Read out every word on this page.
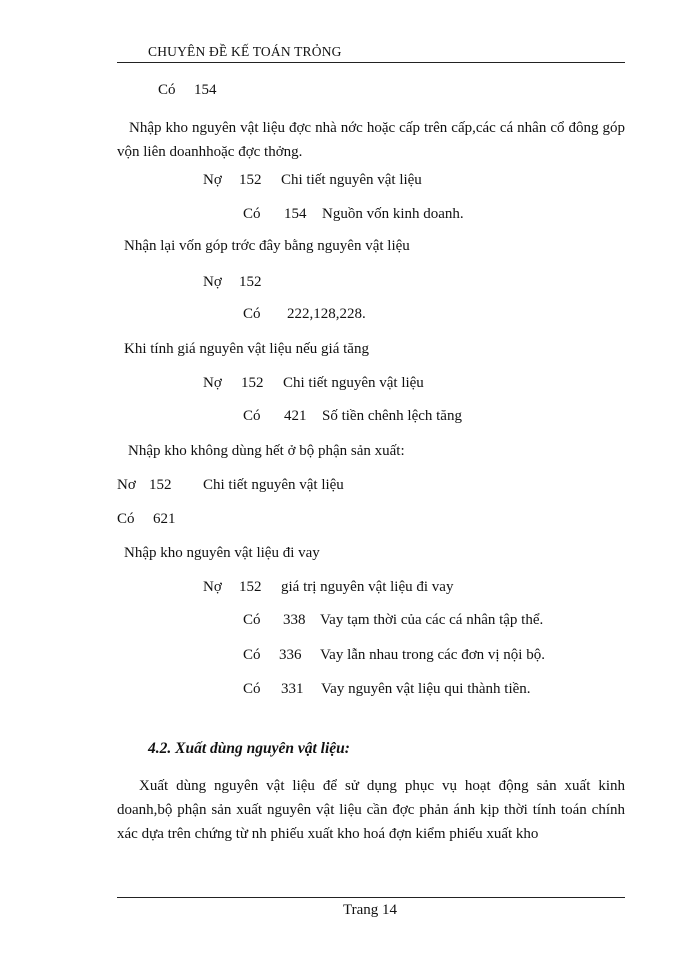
CHUYÊN ĐỀ KẾ TOÁN TRỎNG
Có 154
Nhập kho nguyên vật liệu đợc nhà nớc hoặc cấp trên cấp,các cá nhân cổ đông góp vộn liên doanhhoặc đợc thởng.
Nợ 152 Chi tiết nguyên vật liệu
Có 154 Nguồn vốn kinh doanh.
Nhận lại vốn góp trớc đây bằng nguyên vật liệu
Nợ 152
Có 222,128,228.
Khi tính giá nguyên vật liệu nếu giá tăng
Nợ 152 Chi tiết nguyên vật liệu
Có 421 Số tiền chênh lệch tăng
Nhập kho không dùng hết ở bộ phận sản xuất:
Nơ 152 Chi tiết nguyên vật liệu
Có 621
Nhập kho nguyên vật liệu đi vay
Nợ 152 giá trị nguyên vật liệu đi vay
Có 338 Vay tạm thời của các cá nhân tập thể.
Có 336 Vay lẫn nhau trong các đơn vị nội bộ.
Có 331 Vay nguyên vật liệu qui thành tiền.
4.2. Xuất dùng nguyên vật liệu:
Xuất dùng nguyên vật liệu để sử dụng phục vụ hoạt động sản xuất kinh doanh,bộ phận sản xuất nguyên vật liệu cần đợc phản ánh kịp thời tính toán chính xác dựa trên chứng từ nh phiếu xuất kho hoá đợn kiểm phiếu xuất kho
Trang 14
